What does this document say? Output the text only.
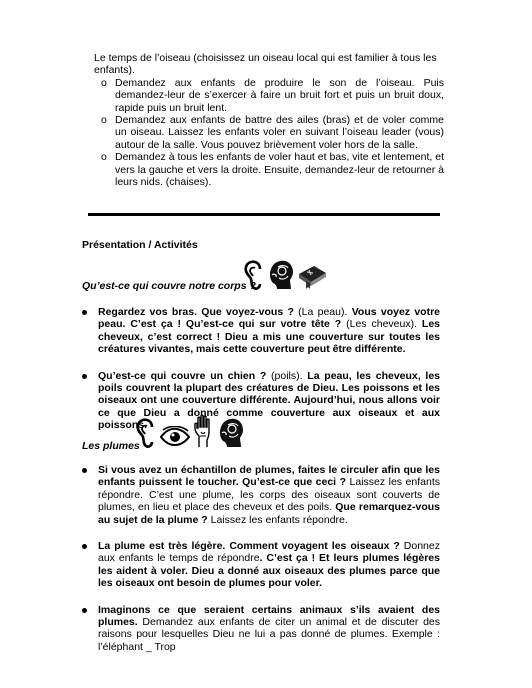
Le temps de l’oiseau (choisissez un oiseau local qui est familier à tous les enfants).
o Demandez aux enfants de produire le son de l’oiseau. Puis demandez-leur de s’exercer à faire un bruit fort et puis un bruit doux, rapide puis un bruit lent.
o Demandez aux enfants de battre des ailes (bras) et de voler comme un oiseau. Laissez les enfants voler en suivant l’oiseau leader (vous) autour de la salle. Vous pouvez brièvement voler hors de la salle.
o Demandez à tous les enfants de voler haut et bas, vite et lentement, et vers la gauche et vers la droite. Ensuite, demandez-leur de retourner à leurs nids. (chaises).
Présentation / Activités
Qu’est-ce qui couvre notre corps ?
Regardez vos bras. Que voyez-vous ? (La peau). Vous voyez votre peau. C’est ça ! Qu’est-ce qui sur votre tête ? (Les cheveux). Les cheveux, c’est correct ! Dieu a mis une couverture sur toutes les créatures vivantes, mais cette couverture peut être différente.
Qu’est-ce qui couvre un chien ? (poils). La peau, les cheveux, les poils couvrent la plupart des créatures de Dieu. Les poissons et les oiseaux ont une couverture différente. Aujourd’hui, nous allons voir ce que Dieu a donné comme couverture aux oiseaux et aux poissons.
Les plumes
Si vous avez un échantillon de plumes, faites le circuler afin que les enfants puissent le toucher. Qu’est-ce que ceci ? Laissez les enfants répondre. C’est une plume, les corps des oiseaux sont couverts de plumes, en lieu et place des cheveux et des poils. Que remarquez-vous au sujet de la plume ? Laissez les enfants répondre.
La plume est très légère. Comment voyagent les oiseaux ? Donnez aux enfants le temps de répondre. C’est ça ! Et leurs plumes légères les aident à voler. Dieu a donné aux oiseaux des plumes parce que les oiseaux ont besoin de plumes pour voler.
Imaginons ce que seraient certains animaux s’ils avaient des plumes. Demandez aux enfants de citer un animal et de discuter des raisons pour lesquelles Dieu ne lui a pas donné de plumes. Exemple : l’éléphant _ Trop
